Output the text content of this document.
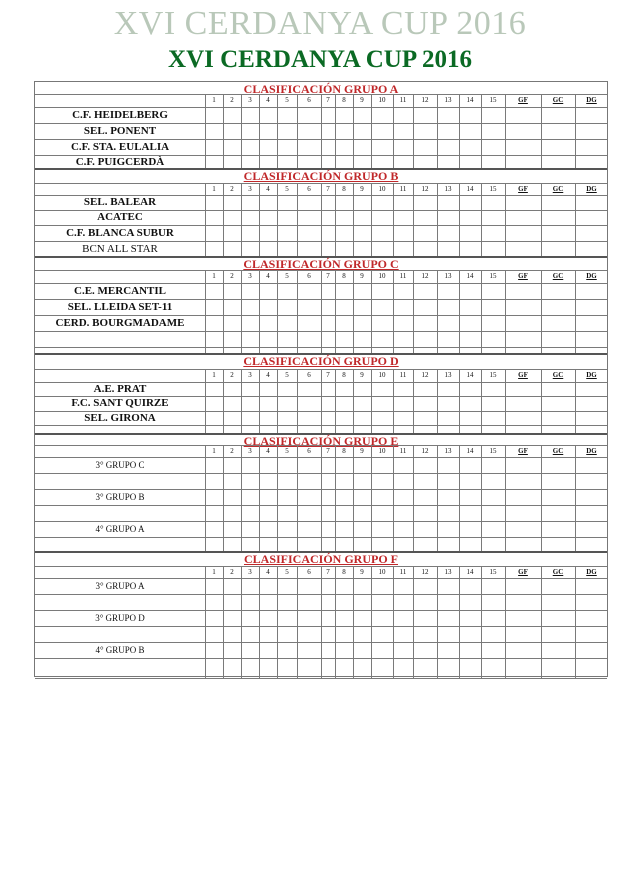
XVI CERDANYA CUP 2016
XVI CERDANYA CUP 2016
CLASIFICACIÓN GRUPO A
1	2	3	4	5	6	7	8	9	10	11	12	13	14	15	GF	GC	DG
C.F. HEIDELBERG
SEL. PONENT
C.F. STA. EULALIA
C.F. PUIGCERDÀ
CLASIFICACIÓN GRUPO B
1	2	3	4	5	6	7	8	9	10	11	12	13	14	15	GF	GC	DG
SEL. BALEAR
ACATEC
C.F. BLANCA SUBUR
BCN ALL STAR
CLASIFICACIÓN GRUPO C
1	2	3	4	5	6	7	8	9	10	11	12	13	14	15	GF	GC	DG
C.E. MERCANTIL
SEL. LLEIDA SET-11
CERD. BOURGMADAME
CLASIFICACIÓN GRUPO D
1	2	3	4	5	6	7	8	9	10	11	12	13	14	15	GF	GC	DG
A.E. PRAT
F.C. SANT QUIRZE
SEL. GIRONA
CLASIFICACIÓN GRUPO E
1	2	3	4	5	6	7	8	9	10	11	12	13	14	15	GF	GC	DG
3° GRUPO C
3° GRUPO B
4° GRUPO A
CLASIFICACIÓN GRUPO F
1	2	3	4	5	6	7	8	9	10	11	12	13	14	15	GF	GC	DG
3° GRUPO A
3° GRUPO D
4° GRUPO B
